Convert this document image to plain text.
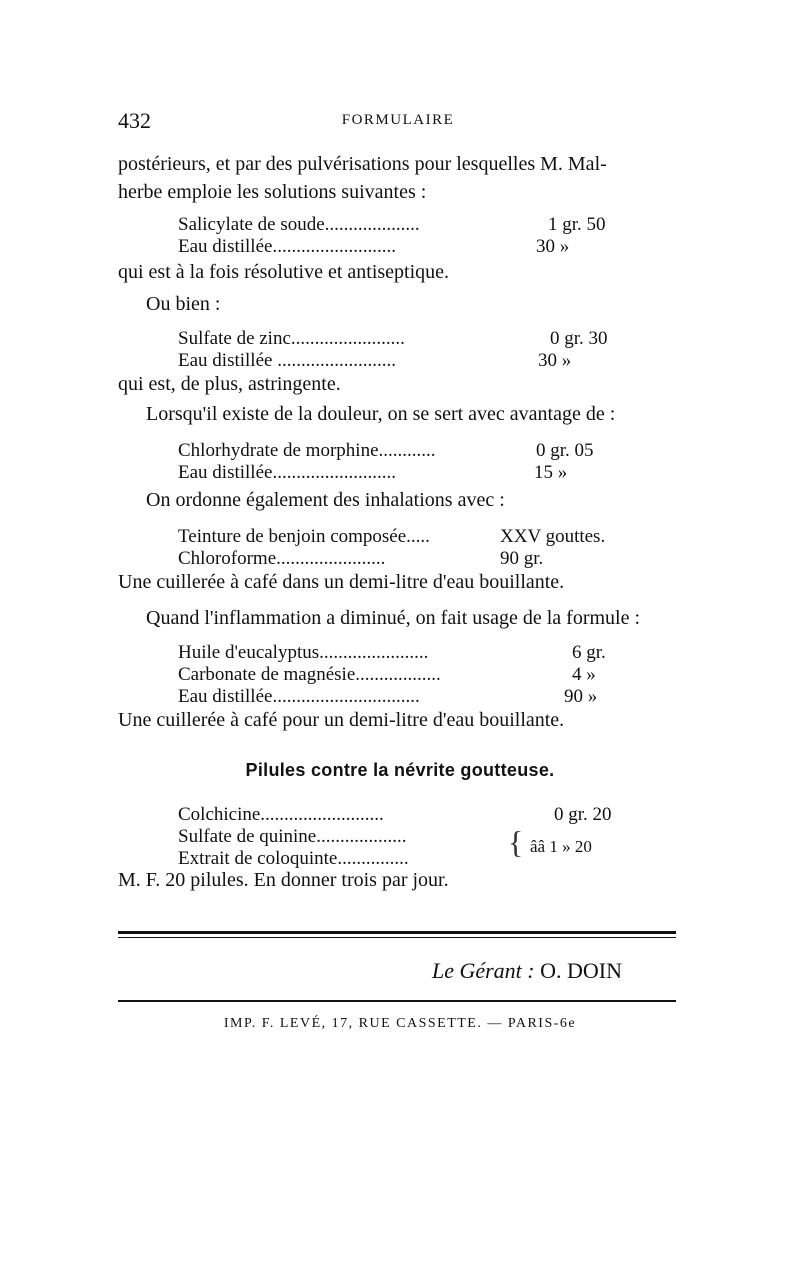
432	FORMULAIRE
postérieurs, et par des pulvérisations pour lesquelles M. Mal-
herbe emploie les solutions suivantes :
Salicylate de soude....................	1 gr. 50
Eau distillée..........................	30 »
qui est à la fois résolutive et antiseptique.
Ou bien :
Sulfate de zinc........................	0 gr. 30
Eau distillée .........................	30 »
qui est, de plus, astringente.
Lorsqu'il existe de la douleur, on se sert avec avantage de :
Chlorhydrate de morphine............	0 gr. 05
Eau distillée..........................	15 »
On ordonne également des inhalations avec :
Teinture de benjoin composée.....	XXV gouttes.
Chloroforme.......................	90 gr.
Une cuillerée à café dans un demi-litre d'eau bouillante.
Quand l'inflammation a diminué, on fait usage de la formule :
Huile d'eucalyptus.......................	6 gr.
Carbonate de magnésie..................	4 »
Eau distillée...............................	90 »
Une cuillerée à café pour un demi-litre d'eau bouillante.
Pilules contre la névrite goutteuse.
Colchicine..........................	0 gr. 20
Sulfate de quinine...................
Extrait de coloquinte...............	{ ââ 1 » 20
M. F. 20 pilules. En donner trois par jour.
Le Gérant : O. DOIN
IMP. F. LEVÉ, 17, RUE CASSETTE. — PARIS-6e
